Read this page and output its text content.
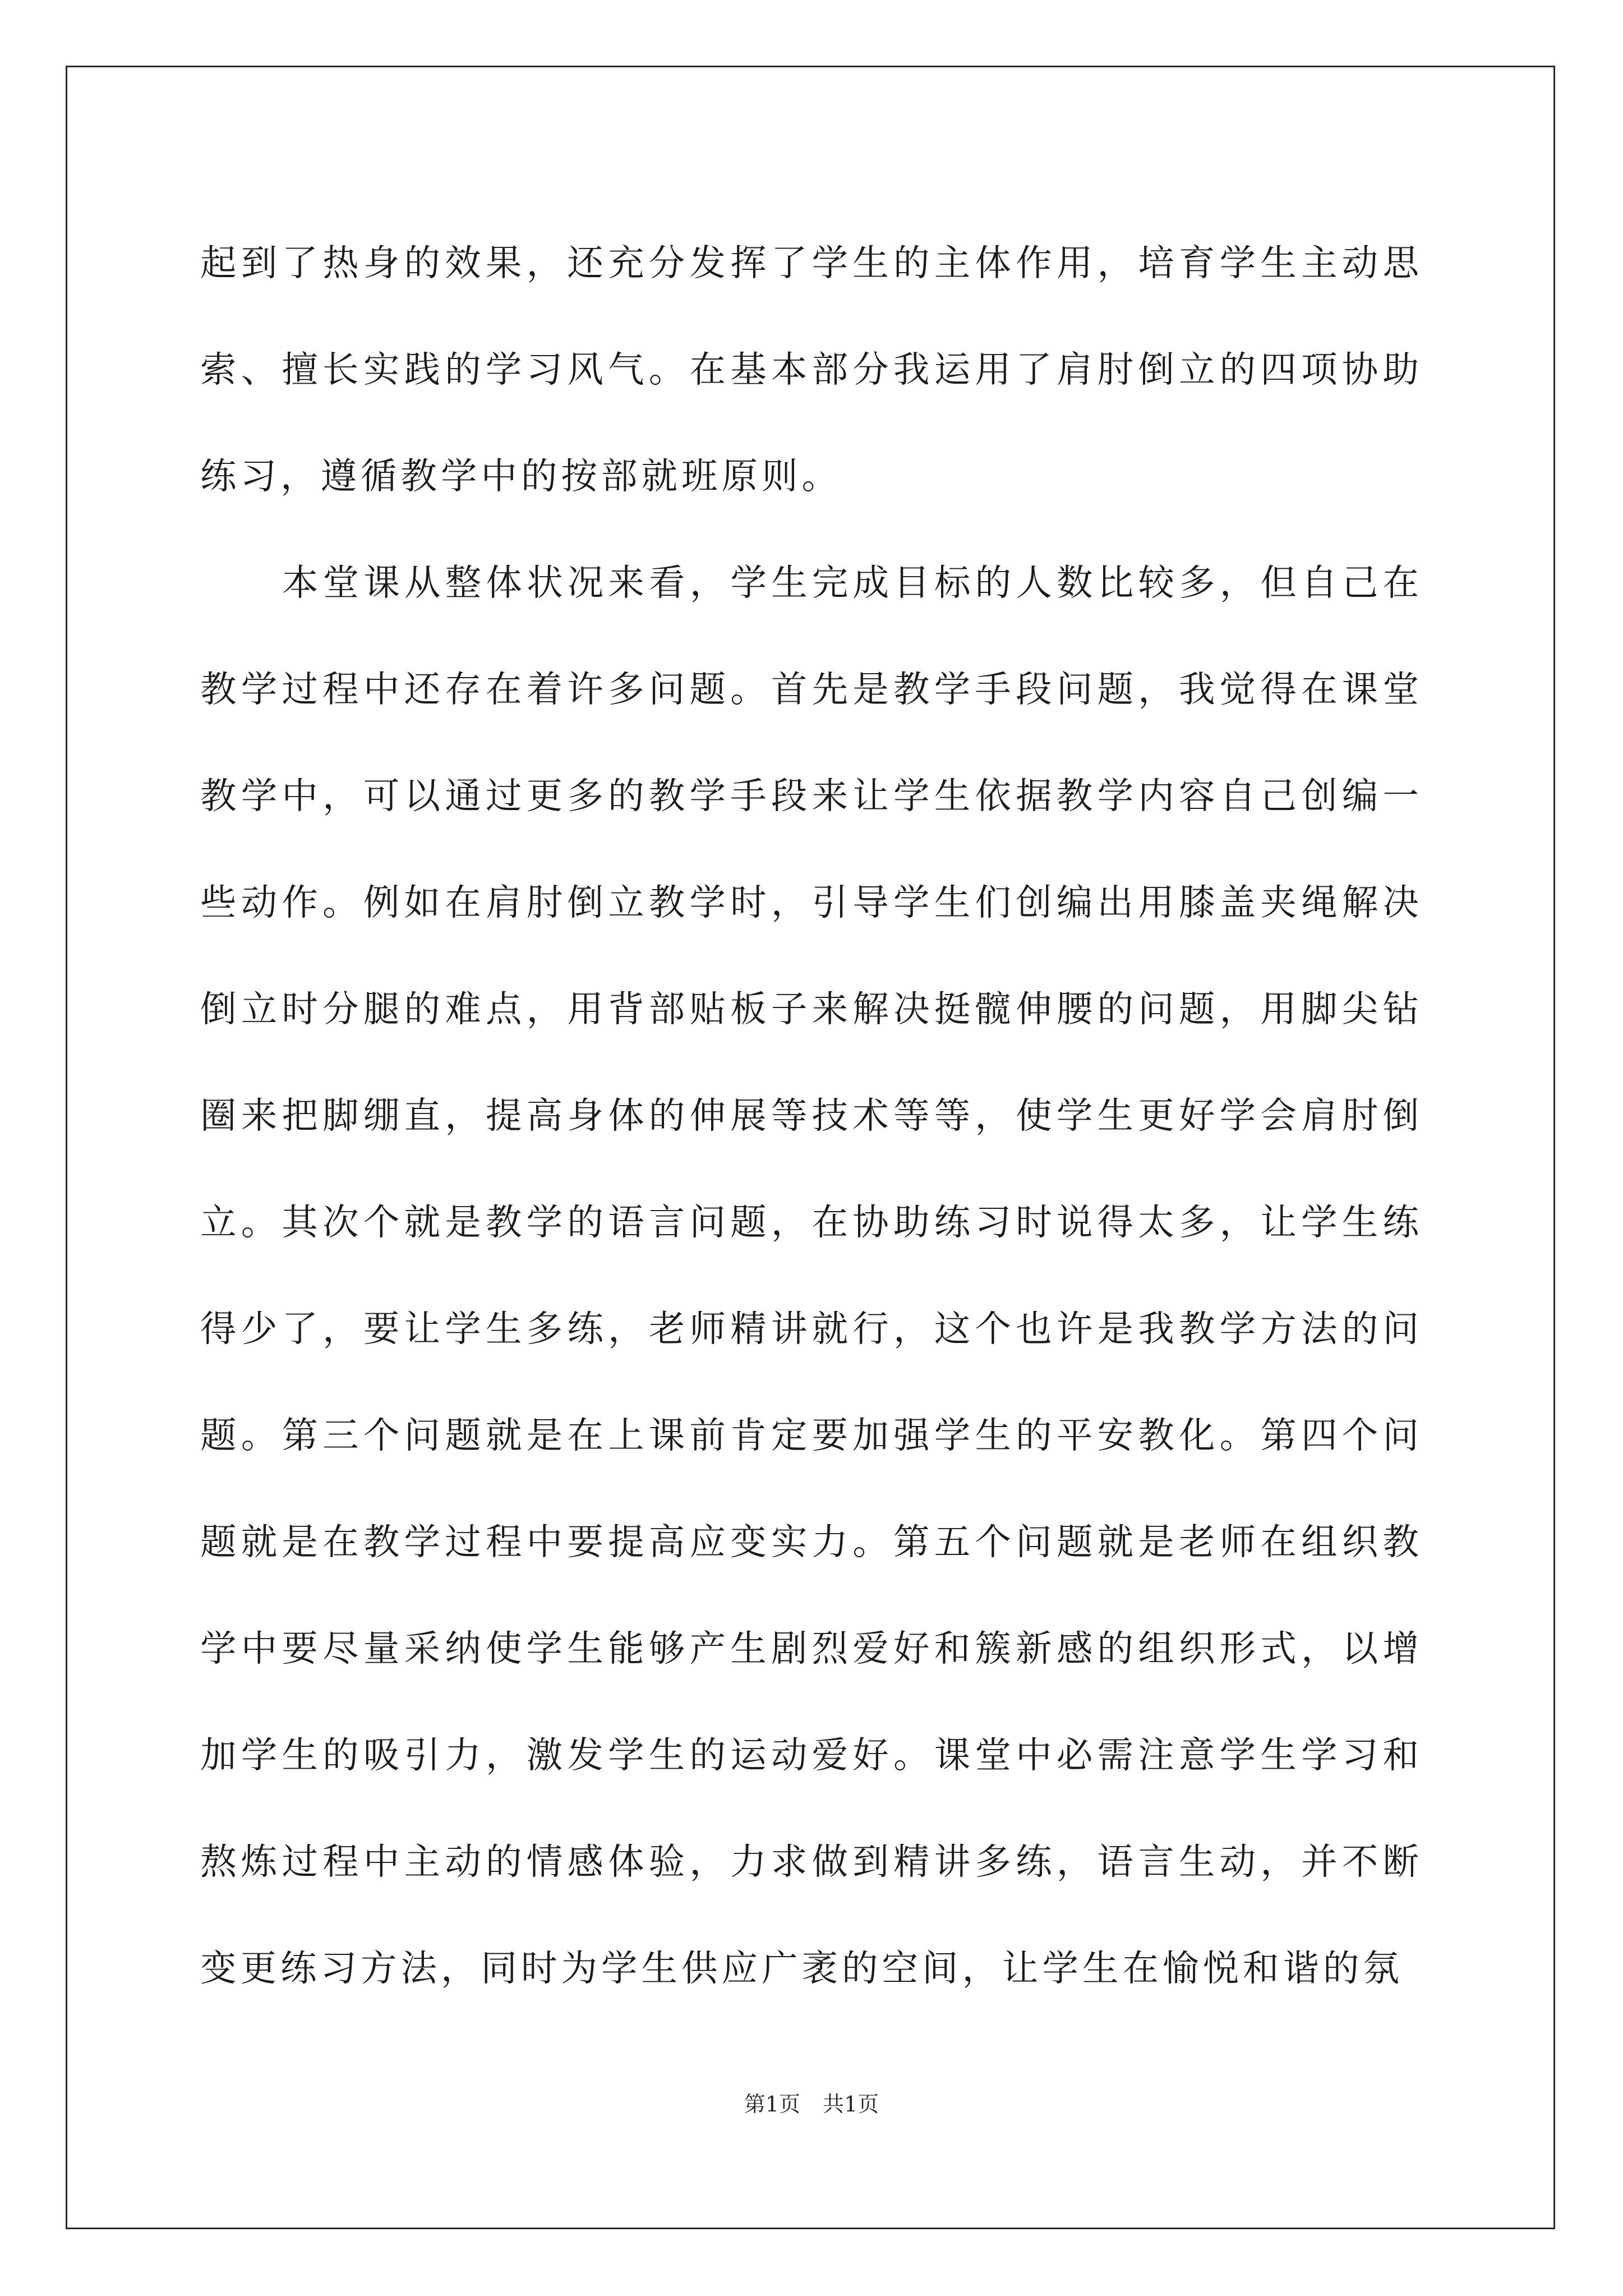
起到了热身的效果，还充分发挥了学生的主体作用，培育学生主动思索、擅长实践的学习风气。在基本部分我运用了肩肘倒立的四项协助练习，遵循教学中的按部就班原则。

本堂课从整体状况来看，学生完成目标的人数比较多，但自己在教学过程中还存在着许多问题。首先是教学手段问题，我觉得在课堂教学中，可以通过更多的教学手段来让学生依据教学内容自己创编一些动作。例如在肩肘倒立教学时，引导学生们创编出用膝盖夹绳解决倒立时分腿的难点，用背部贴板子来解决挺髋伸腰的问题，用脚尖钻圈来把脚绷直，提高身体的伸展等技术等等，使学生更好学会肩肘倒立。其次个就是教学的语言问题，在协助练习时说得太多，让学生练得少了，要让学生多练，老师精讲就行，这个也许是我教学方法的问题。第三个问题就是在上课前肯定要加强学生的平安教化。第四个问题就是在教学过程中要提高应变实力。第五个问题就是老师在组织教学中要尽量采纳使学生能够产生剧烈爱好和簇新感的组织形式，以增加学生的吸引力，激发学生的运动爱好。课堂中必需注意学生学习和熬炼过程中主动的情感体验，力求做到精讲多练，语言生动，并不断变更练习方法，同时为学生供应广袤的空间，让学生在愉悦和谐的氛

第1页 共1页
